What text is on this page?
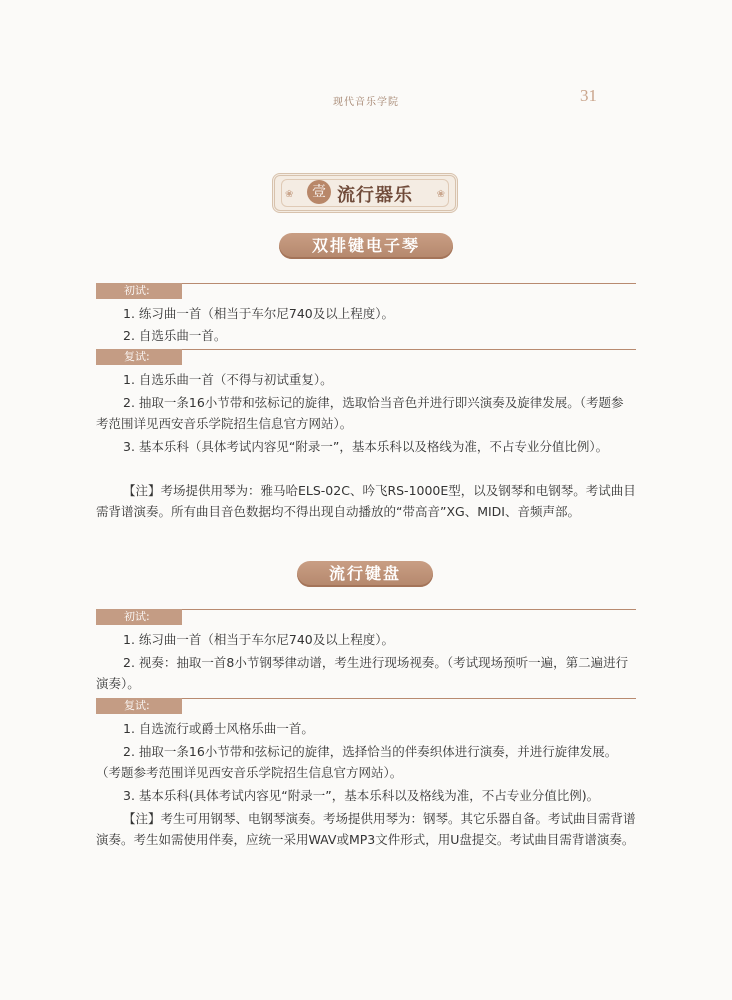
现代音乐学院	31
❀	壹 流行器乐 ❀
双排键电子琴
初试:
1. 练习曲一首（相当于车尔尼740及以上程度）。
2. 自选乐曲一首。
复试:
1. 自选乐曲一首（不得与初试重复）。
2. 抽取一条16小节带和弦标记的旋律，选取恰当音色并进行即兴演奏及旋律发展。（考题参考范围详见西安音乐学院招生信息官方网站）。
3. 基本乐科（具体考试内容见“附录一”，基本乐科以及格线为准，不占专业分值比例）。
【注】考场提供用琴为：雅马哈ELS-02C、吟飞RS-1000E型，以及钢琴和电钢琴。考试曲目需背谱演奏。所有曲目音色数据均不得出现自动播放的“带高音”XG、MIDI、音频声部。
流行键盘
初试:
1. 练习曲一首（相当于车尔尼740及以上程度）。
2. 视奏：抽取一首8小节钢琴律动谱，考生进行现场视奏。（考试现场预听一遍，第二遍进行演奏）。
复试:
1. 自选流行或爵士风格乐曲一首。
2. 抽取一条16小节带和弦标记的旋律，选择恰当的伴奏织体进行演奏，并进行旋律发展。（考题参考范围详见西安音乐学院招生信息官方网站）。
3. 基本乐科(具体考试内容见“附录一”，基本乐科以及格线为准，不占专业分值比例)。
【注】考生可用钢琴、电钢琴演奏。考场提供用琴为：钢琴。其它乐器自备。考试曲目需背谱演奏。考生如需使用伴奏，应统一采用WAV或MP3文件形式，用U盘提交。考试曲目需背谱演奏。
